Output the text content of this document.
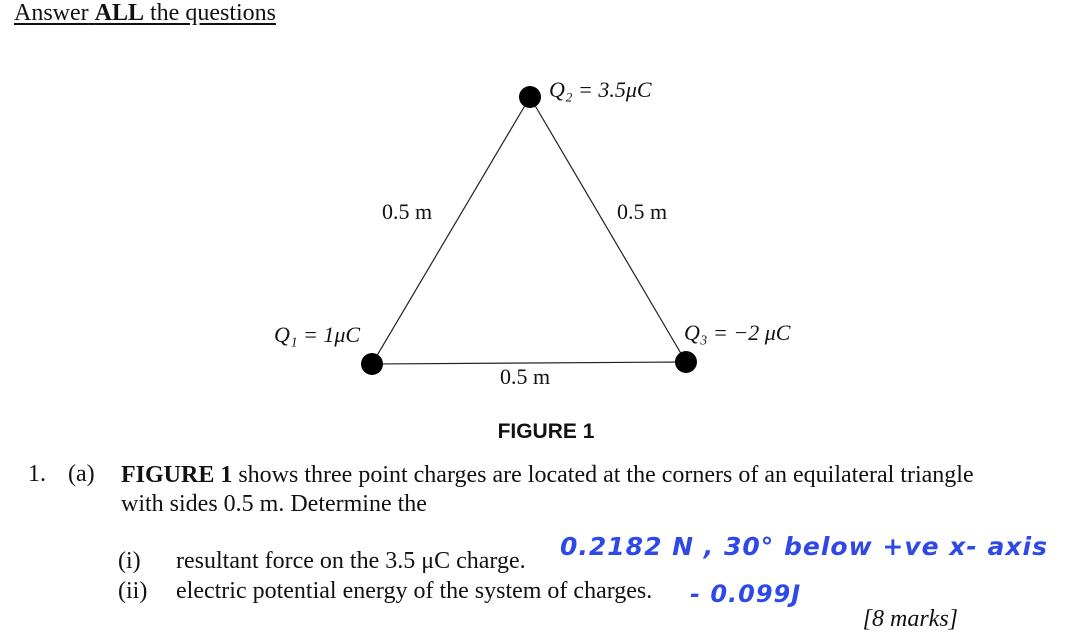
Answer ALL the questions
Q₂ = 3.5μC
Q₁ = 1μC	Q₃ = −2 μC
0.5 m	0.5 m
0.5 m
FIGURE 1
1. (a) FIGURE 1 shows three point charges are located at the corners of an equilateral triangle with sides 0.5 m. Determine the
(i) resultant force on the 3.5 μC charge. 0.2182 N , 30° below +ve x- axis
(ii) electric potential energy of the system of charges. - 0.099J
[8 marks]
